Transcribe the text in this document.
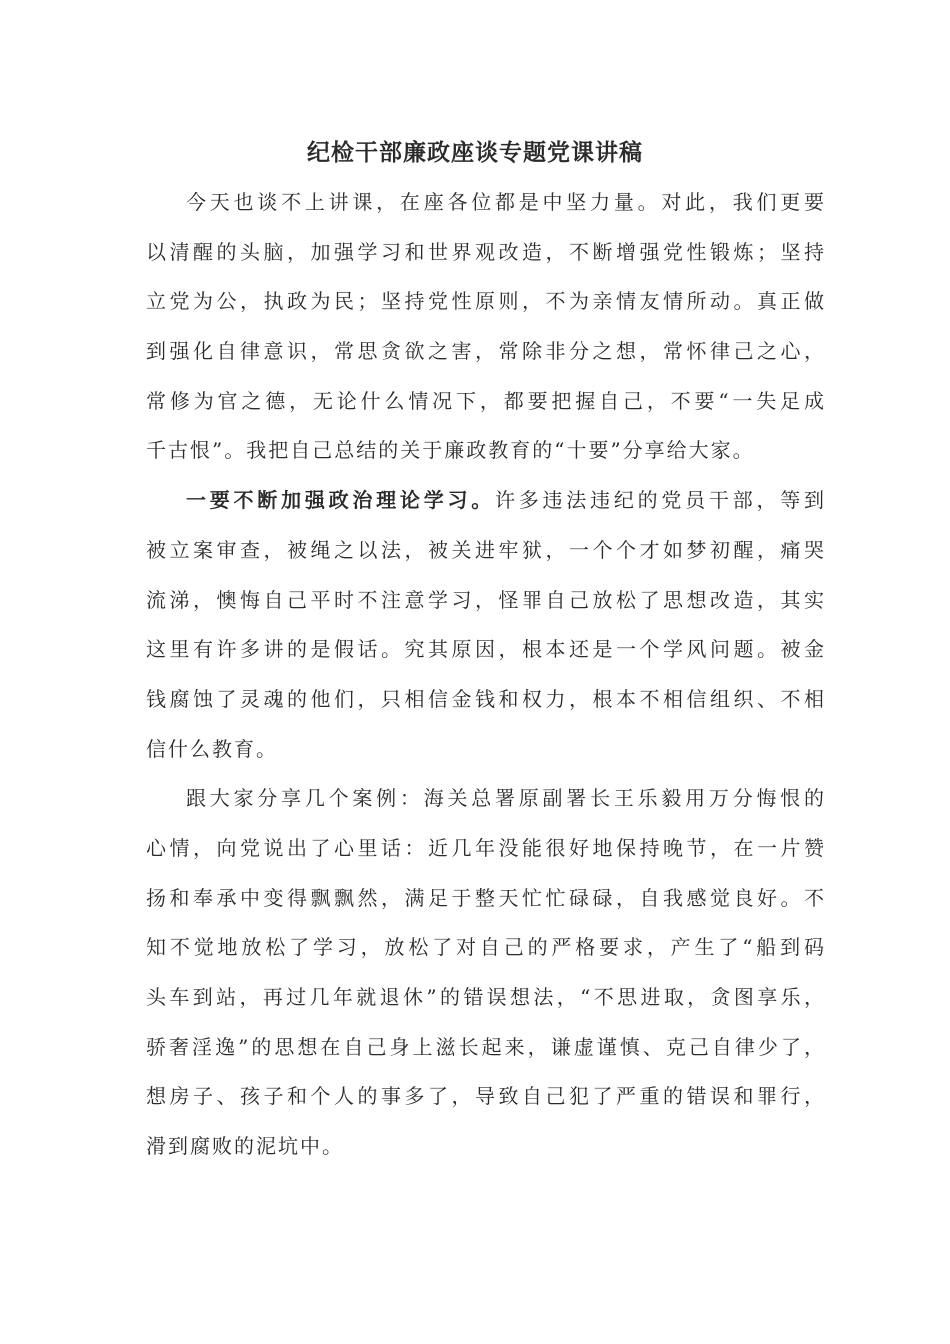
纪检干部廉政座谈专题党课讲稿
今天也谈不上讲课，在座各位都是中坚力量。对此，我们更要
以清醒的头脑，加强学习和世界观改造，不断增强党性锻炼；坚持
立党为公，执政为民；坚持党性原则，不为亲情友情所动。真正做
到强化自律意识，常思贪欲之害，常除非分之想，常怀律己之心，
常修为官之德，无论什么情况下，都要把握自己，不要“一失足成
千古恨”。我把自己总结的关于廉政教育的“十要”分享给大家。
一要不断加强政治理论学习。许多违法违纪的党员干部，等到
被立案审查，被绳之以法，被关进牢狱，一个个才如梦初醒，痛哭
流涕，懊悔自己平时不注意学习，怪罪自己放松了思想改造，其实
这里有许多讲的是假话。究其原因，根本还是一个学风问题。被金
钱腐蚀了灵魂的他们，只相信金钱和权力，根本不相信组织、不相
信什么教育。
跟大家分享几个案例：海关总署原副署长王乐毅用万分悔恨的
心情，向党说出了心里话：近几年没能很好地保持晚节，在一片赞
扬和奉承中变得飘飘然，满足于整天忙忙碌碌，自我感觉良好。不
知不觉地放松了学习，放松了对自己的严格要求，产生了“船到码
头车到站，再过几年就退休”的错误想法，“不思进取，贪图享乐，
骄奢淫逸”的思想在自己身上滋长起来，谦虚谨慎、克己自律少了，
想房子、孩子和个人的事多了，导致自己犯了严重的错误和罪行，
滑到腐败的泥坑中。
